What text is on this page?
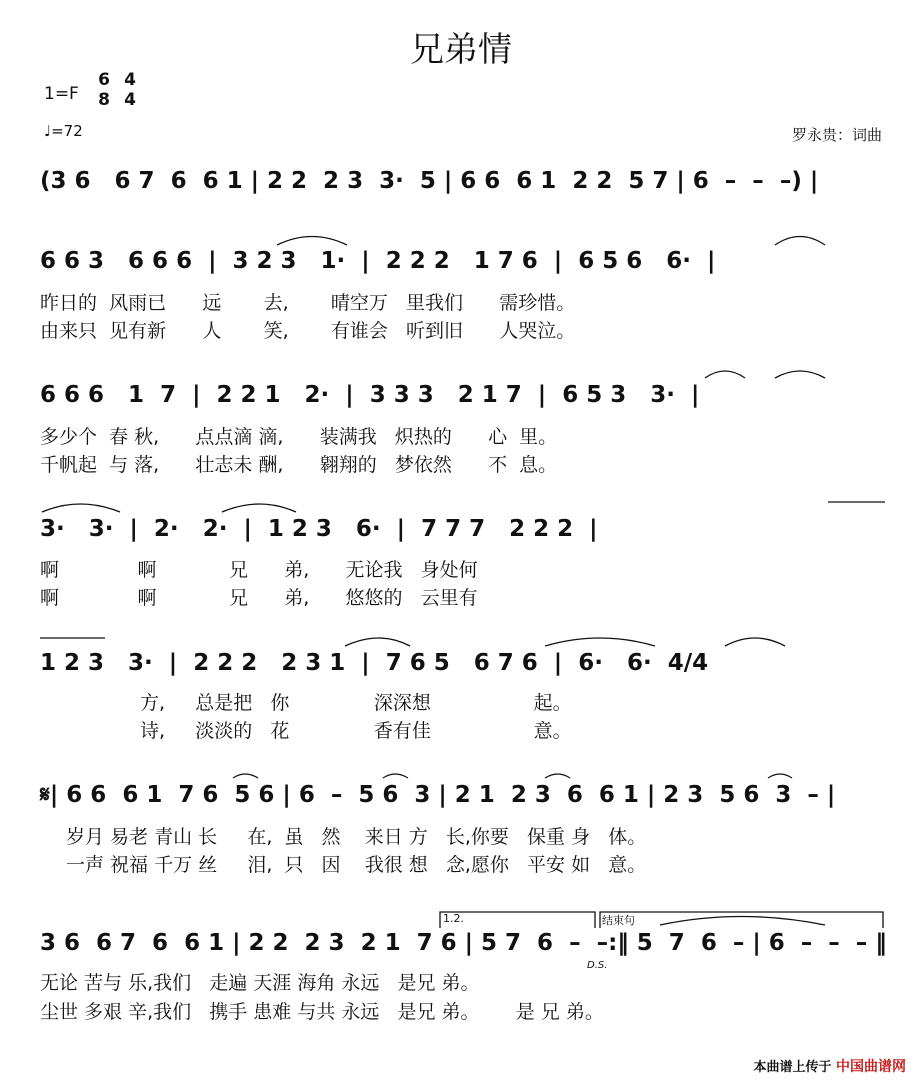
兄弟情
1=F
6
8
4
4
♩=72	罗永贵：词曲
(3 6   6 7  6  6 1 | 2 2  2 3  3·  5 | 6 6  6 1  2 2  5 7 | 6  –  –  –) |
6 6 3   6 6 6  |  3 2 3   1·  |  2 2 2   1 7 6  |  6 5 6   6·  |
昨日的  风雨已      远       去,       晴空万   里我们      需珍惜。
由来只  见有新      人       笑,       有谁会   听到旧      人哭泣。
6 6 6   1  7  |  2 2 1   2·  |  3 3 3   2 1 7  |  6 5 3   3·  |
多少个  春 秋,      点点滴 滴,      装满我   炽热的      心  里。
千帆起  与 落,      壮志未 酬,      翱翔的   梦依然      不  息。
3·   3·  |  2·   2·  |  1 2 3   6·  |  7 7 7   2 2 2  |
啊             啊            兄      弟,      无论我   身处何
啊             啊            兄      弟,      悠悠的   云里有
1 2 3   3·  |  2 2 2   2 3 1  |  7 6 5   6 7 6  |  6·   6·  4/4
方,     总是把   你              深深想                 起。
诗,     淡淡的   花              香有佳                 意。
𝄋| 6 6  6 1  7 6  5 6 | 6  –  5 6  3 | 2 1  2 3  6  6 1 | 2 3  5 6  3  – |
岁月 易老 青山 长     在,  虽   然    来日 方   长,你要   保重 身   体。
一声 祝福 千万 丝     泪,  只   因    我很 想   念,愿你   平安 如   意。
1.2.	结束句
3 6  6 7  6  6 1 | 2 2  2 3  2 1  7 6 | 5 7  6  –  –:‖ 5  7  6  – | 6  –  –  – ‖
D.S.
无论 苦与 乐,我们   走遍 天涯 海角 永远   是兄 弟。
尘世 多艰 辛,我们   携手 患难 与共 永远   是兄 弟。      是 兄 弟。
本曲谱上传于 中国曲谱网
